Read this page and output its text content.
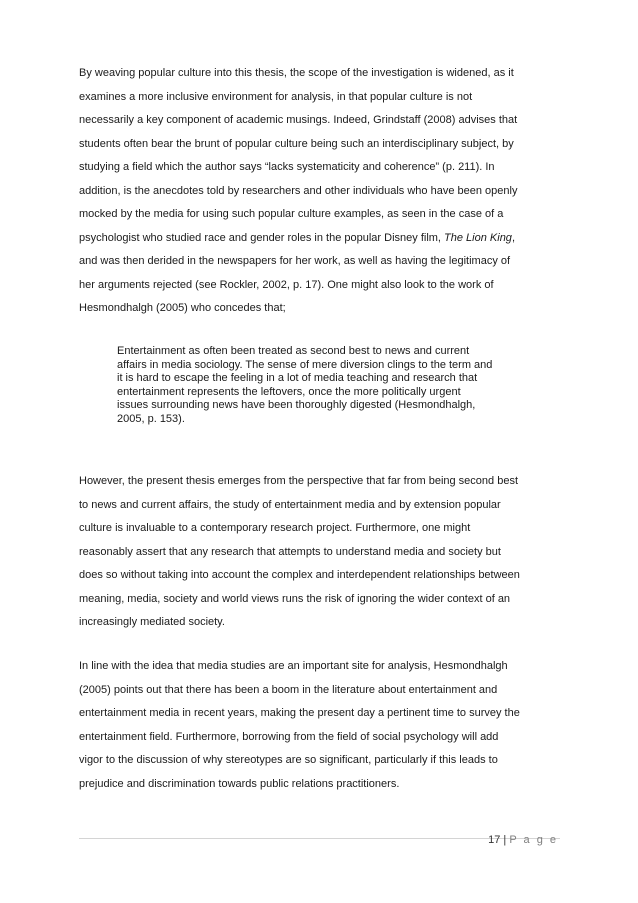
By weaving popular culture into this thesis, the scope of the investigation is widened, as it
examines a more inclusive environment for analysis, in that popular culture is not
necessarily a key component of academic musings. Indeed, Grindstaff (2008) advises that
students often bear the brunt of popular culture being such an interdisciplinary subject, by
studying a field which the author says “lacks systematicity and coherence” (p. 211). In
addition, is the anecdotes told by researchers and other individuals who have been openly
mocked by the media for using such popular culture examples, as seen in the case of a
psychologist who studied race and gender roles in the popular Disney film, The Lion King,
and was then derided in the newspapers for her work, as well as having the legitimacy of
her arguments rejected (see Rockler, 2002, p. 17). One might also look to the work of
Hesmondhalgh (2005) who concedes that;
Entertainment as often been treated as second best to news and current
affairs in media sociology. The sense of mere diversion clings to the term and
it is hard to escape the feeling in a lot of media teaching and research that
entertainment represents the leftovers, once the more politically urgent
issues surrounding news have been thoroughly digested (Hesmondhalgh,
2005, p. 153).
However, the present thesis emerges from the perspective that far from being second best
to news and current affairs, the study of entertainment media and by extension popular
culture is invaluable to a contemporary research project. Furthermore, one might
reasonably assert that any research that attempts to understand media and society but
does so without taking into account the complex and interdependent relationships between
meaning, media, society and world views runs the risk of ignoring the wider context of an
increasingly mediated society.
In line with the idea that media studies are an important site for analysis, Hesmondhalgh
(2005) points out that there has been a boom in the literature about entertainment and
entertainment media in recent years, making the present day a pertinent time to survey the
entertainment field. Furthermore, borrowing from the field of social psychology will add
vigor to the discussion of why stereotypes are so significant, particularly if this leads to
prejudice and discrimination towards public relations practitioners.
17 | P a g e
